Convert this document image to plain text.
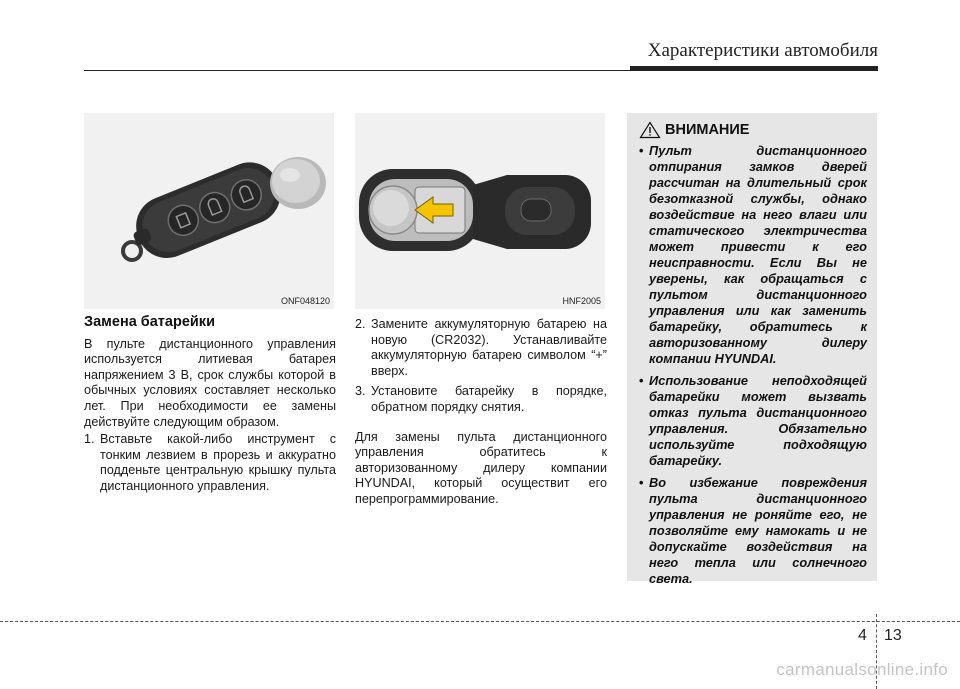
Характеристики автомобиля
ONF048120	HNF2005
Замена батарейки

В пульте дистанционного управления используется литиевая батарея напряжением 3 В, срок службы которой в обычных условиях составляет несколько лет. При необходимости ее замены действуйте следующим образом.

1. Вставьте какой-либо инструмент с тонким лезвием в прорезь и аккуратно подденьте центральную крышку пульта дистанционного управления.
2. Замените аккумуляторную батарею на новую (CR2032). Устанавливайте аккумуляторную батарею символом “+” вверх.
3. Установите батарейку в порядке, обратном порядку снятия.

Для замены пульта дистанционного управления обратитесь к авторизованному дилеру компании HYUNDAI, который осуществит его перепрограммирование.

ВНИМАНИЕ
• Пульт дистанционного отпирания замков дверей рассчитан на длительный срок безотказной службы, однако воздействие на него влаги или статического электричества может привести к его неисправности. Если Вы не уверены, как обращаться с пультом дистанционного управления или как заменить батарейку, обратитесь к авторизованному дилеру компании HYUNDAI.
• Использование неподходящей батарейки может вызвать отказ пульта дистанционного управления. Обязательно используйте подходящую батарейку.
• Во избежание повреждения пульта дистанционного управления не роняйте его, не позволяйте ему намокать и не допускайте воздействия на него тепла или солнечного света.
4 13
carmanualsonline.info
